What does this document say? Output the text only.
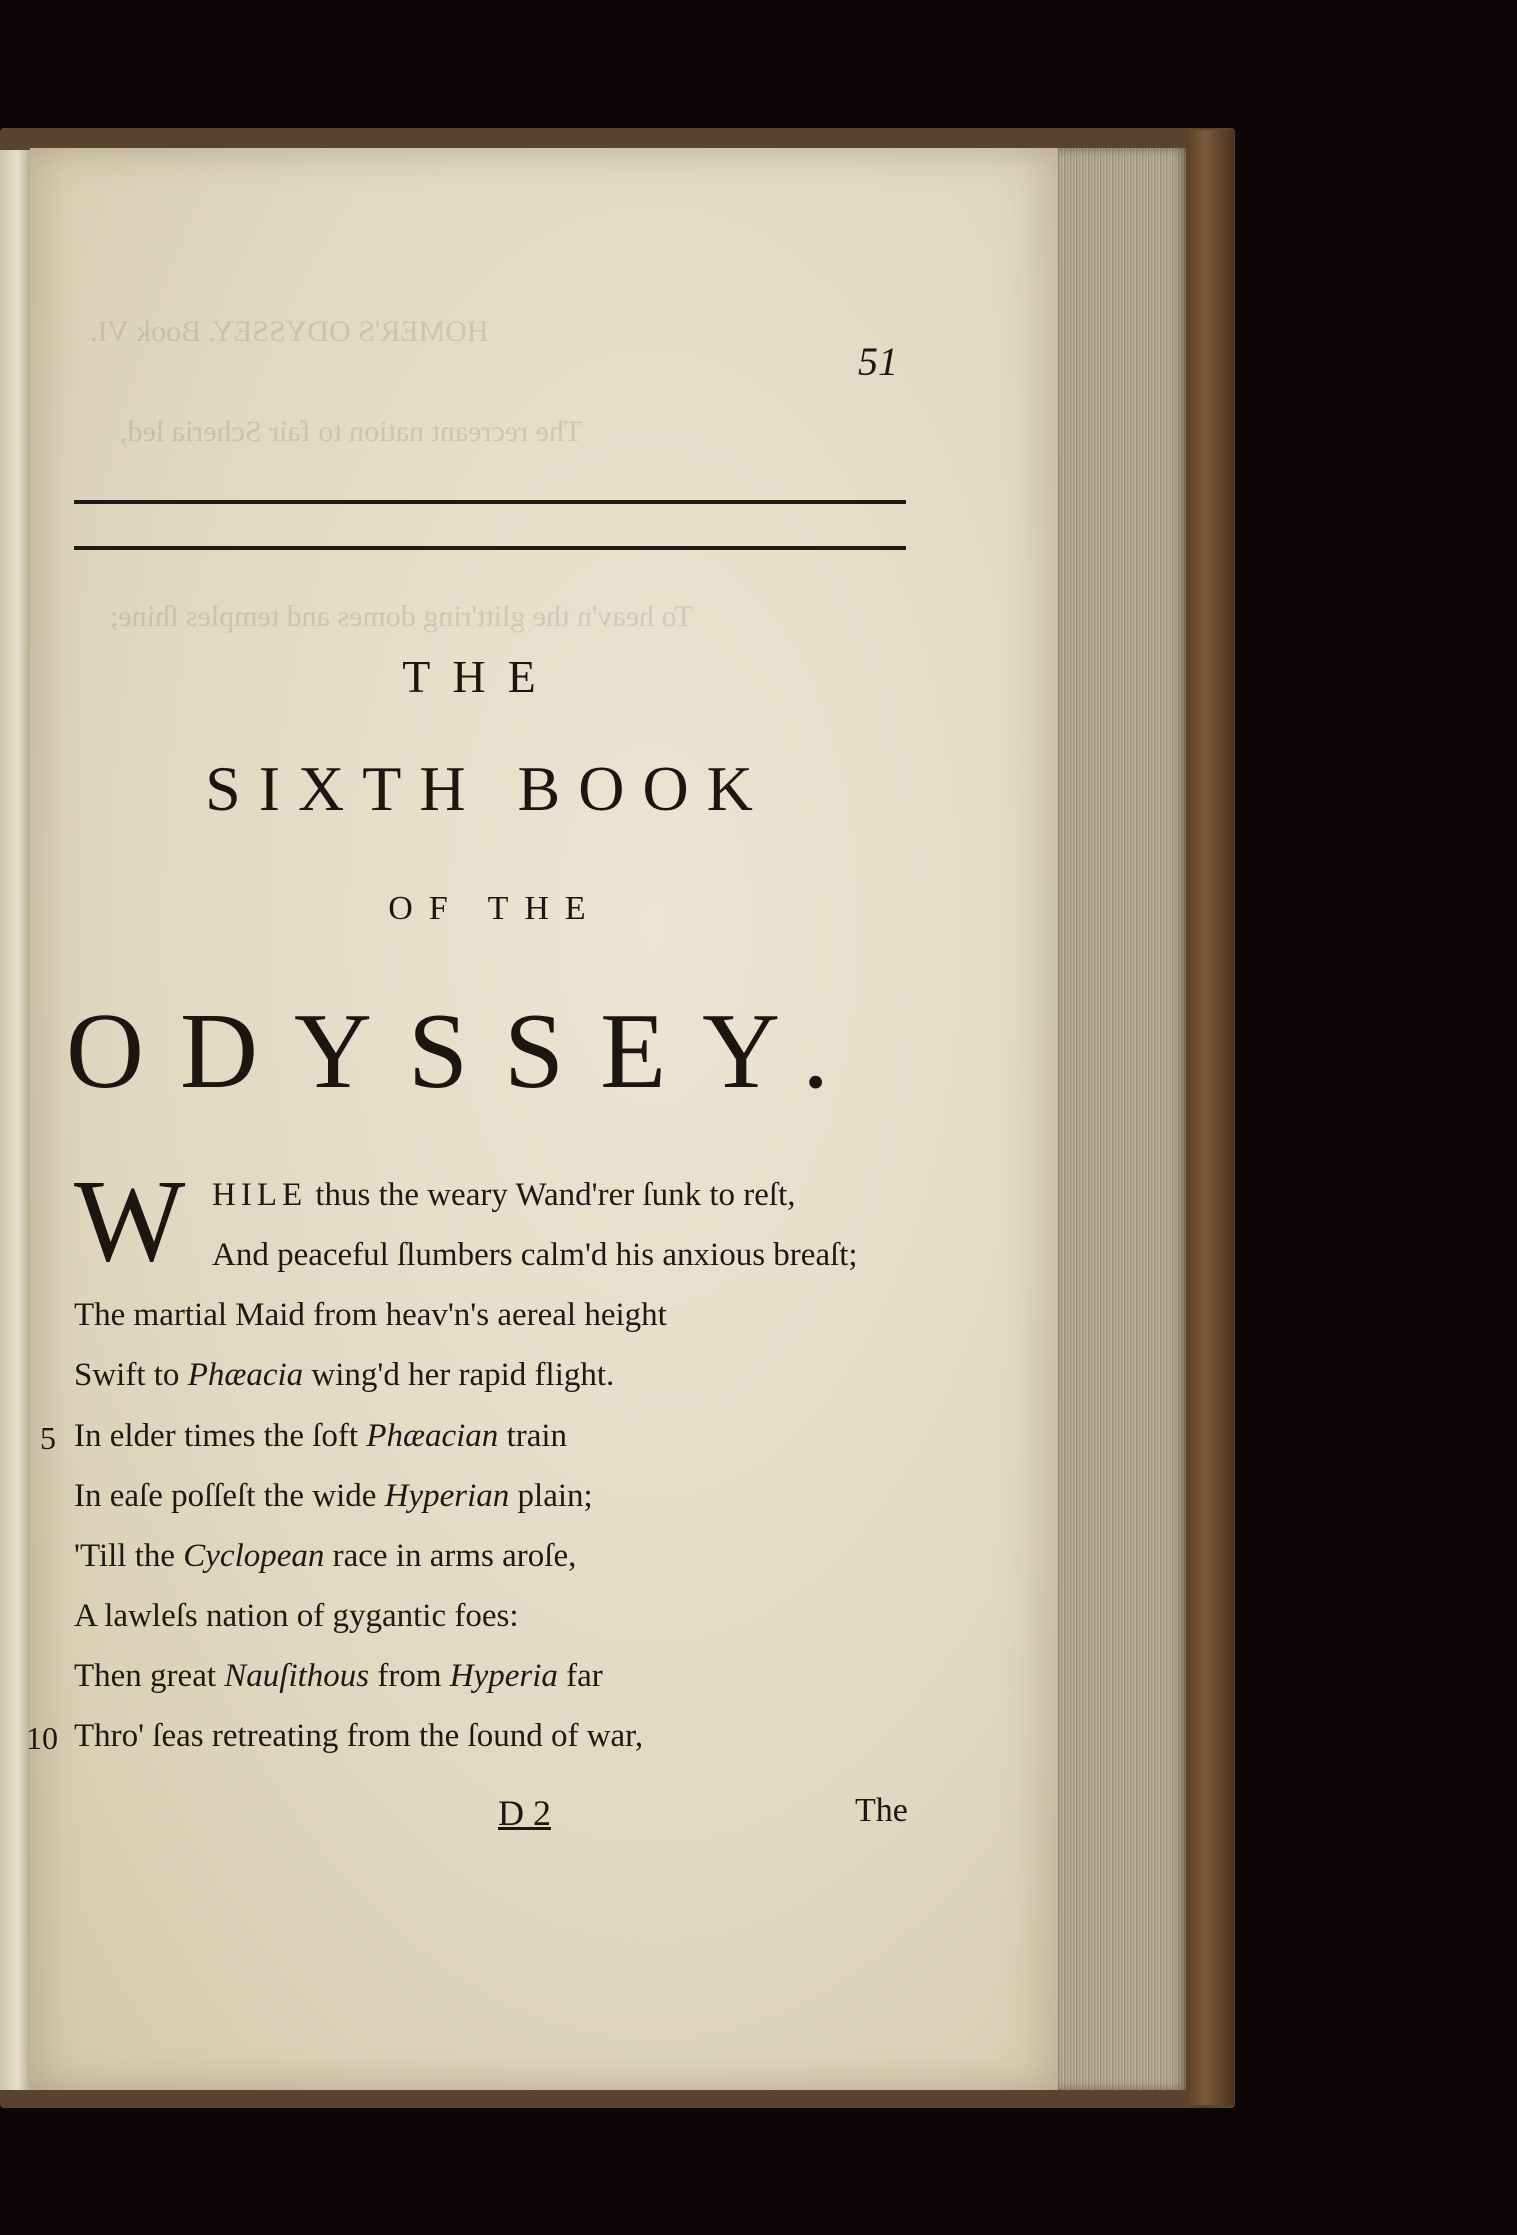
HOMER'S ODYSSEY. Book VI.
The recreant nation to fair Scheria led,
To heav'n the glitt'ring domes and temples ſhine;
51
THE
SIXTH BOOK
OF THE
ODYSSEY.
W HILE thus the weary Wand'rer ſunk to reſt,
And peaceful ſlumbers calm'd his anxious breaſt;
The martial Maid from heav'n's aereal height
Swift to Phæacia wing'd her rapid flight.
In elder times the ſoft Phæacian train
5
In eaſe poſſeſt the wide Hyperian plain;
'Till the Cyclopean race in arms aroſe,
A lawleſs nation of gygantic foes:
Then great Nauſithous from Hyperia far
Thro' ſeas retreating from the ſound of war,
10
D 2	The
